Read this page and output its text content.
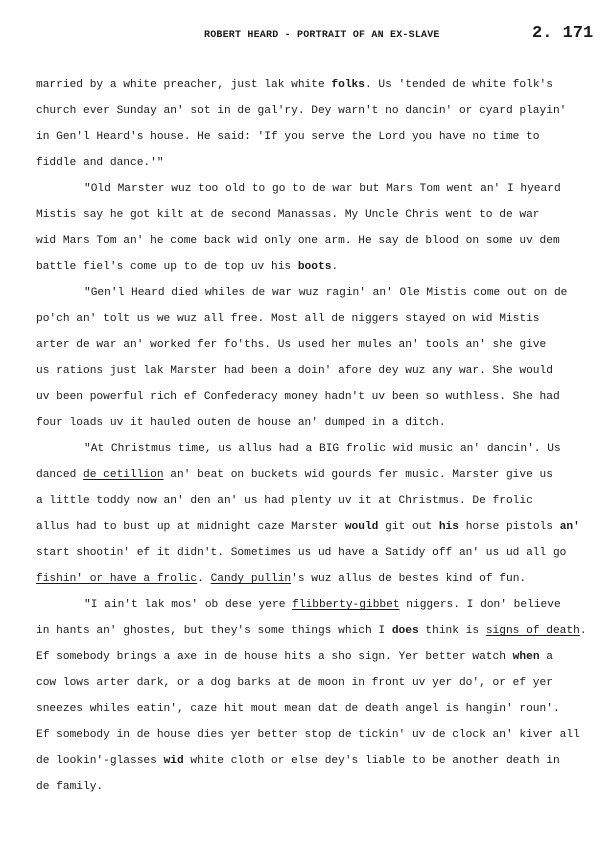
ROBERT HEARD - PORTRAIT OF AN EX-SLAVE	2. 171
married by a white preacher, just lak white folks. Us 'tended de white folk's
church ever Sunday an' sot in de gal'ry. Dey warn't no dancin' or cyard playin'
in Gen'l Heard's house. He said: 'If you serve the Lord you have no time to
fiddle and dance.'"
"Old Marster wuz too old to go to de war but Mars Tom went an' I hyeard
Mistis say he got kilt at de second Manassas. My Uncle Chris went to de war
wid Mars Tom an' he come back wid only one arm. He say de blood on some uv dem
battle fiel's come up to de top uv his boots.
"Gen'l Heard died whiles de war wuz ragin' an' Ole Mistis come out on de
po'ch an' tolt us we wuz all free. Most all de niggers stayed on wid Mistis
arter de war an' worked fer fo'ths. Us used her mules an' tools an' she give
us rations just lak Marster had been a doin' afore dey wuz any war. She would
uv been powerful rich ef Confederacy money hadn't uv been so wuthless. She had
four loads uv it hauled outen de house an' dumped in a ditch.
"At Christmus time, us allus had a BIG frolic wid music an' dancin'. Us
danced de cetillion an' beat on buckets wid gourds fer music. Marster give us
a little toddy now an' den an' us had plenty uv it at Christmus. De frolic
allus had to bust up at midnight caze Marster would git out his horse pistols an'
start shootin' ef it didn't. Sometimes us ud have a Satidy off an' us ud all go
fishin' or have a frolic. Candy pullin's wuz allus de bestes kind of fun.
"I ain't lak mos' ob dese yere flibberty-gibbet niggers. I don' believe
in hants an' ghostes, but they's some things which I does think is signs of death.
Ef somebody brings a axe in de house hits a sho sign. Yer better watch when a
cow lows arter dark, or a dog barks at de moon in front uv yer do', or ef yer
sneezes whiles eatin', caze hit mout mean dat de death angel is hangin' roun'.
Ef somebody in de house dies yer better stop de tickin' uv de clock an' kiver all
de lookin'-glasses wid white cloth or else dey's liable to be another death in
de family.
